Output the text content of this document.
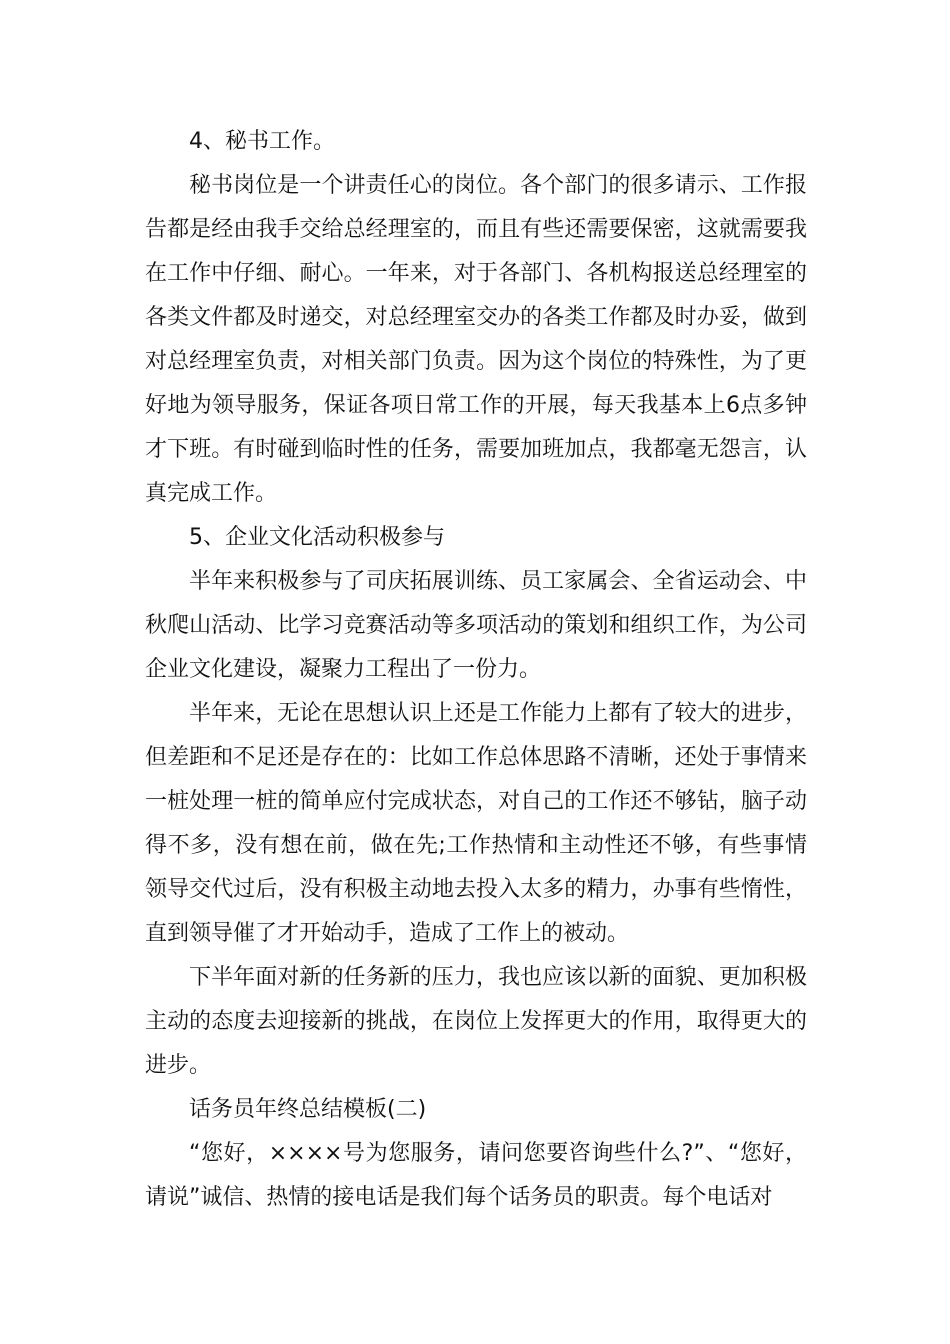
4、秘书工作。

秘书岗位是一个讲责任心的岗位。各个部门的很多请示、工作报告都是经由我手交给总经理室的，而且有些还需要保密，这就需要我在工作中仔细、耐心。一年来，对于各部门、各机构报送总经理室的各类文件都及时递交，对总经理室交办的各类工作都及时办妥，做到对总经理室负责，对相关部门负责。因为这个岗位的特殊性，为了更好地为领导服务，保证各项日常工作的开展，每天我基本上6点多钟才下班。有时碰到临时性的任务，需要加班加点，我都毫无怨言，认真完成工作。

5、企业文化活动积极参与

半年来积极参与了司庆拓展训练、员工家属会、全省运动会、中秋爬山活动、比学习竞赛活动等多项活动的策划和组织工作，为公司企业文化建设，凝聚力工程出了一份力。

半年来，无论在思想认识上还是工作能力上都有了较大的进步，但差距和不足还是存在的：比如工作总体思路不清晰，还处于事情来一桩处理一桩的简单应付完成状态，对自己的工作还不够钻，脑子动得不多，没有想在前，做在先;工作热情和主动性还不够，有些事情领导交代过后，没有积极主动地去投入太多的精力，办事有些惰性，直到领导催了才开始动手，造成了工作上的被动。

下半年面对新的任务新的压力，我也应该以新的面貌、更加积极主动的态度去迎接新的挑战，在岗位上发挥更大的作用，取得更大的进步。

话务员年终总结模板(二)

“您好，××××号为您服务，请问您要咨询些什么?”、“您好，请说”诚信、热情的接电话是我们每个话务员的职责。每个电话对
